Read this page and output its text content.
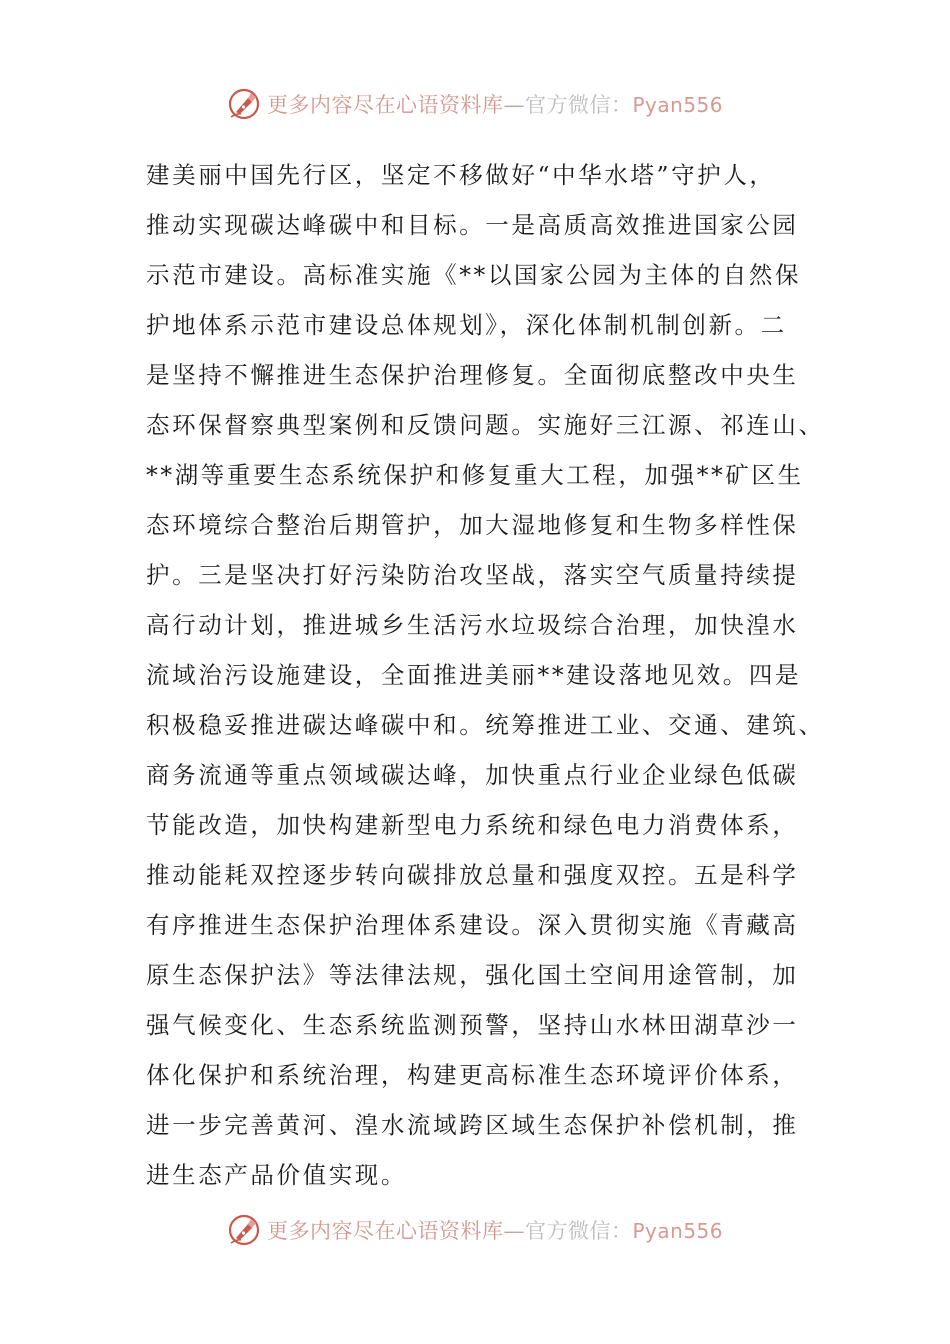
更多内容尽在心语资料库—官方微信：Pyan556
建美丽中国先行区，坚定不移做好“中华水塔”守护人，
推动实现碳达峰碳中和目标。一是高质高效推进国家公园
示范市建设。高标准实施《**以国家公园为主体的自然保
护地体系示范市建设总体规划》，深化体制机制创新。二
是坚持不懈推进生态保护治理修复。全面彻底整改中央生
态环保督察典型案例和反馈问题。实施好三江源、祁连山、
**湖等重要生态系统保护和修复重大工程，加强**矿区生
态环境综合整治后期管护，加大湿地修复和生物多样性保
护。三是坚决打好污染防治攻坚战，落实空气质量持续提
高行动计划，推进城乡生活污水垃圾综合治理，加快湟水
流域治污设施建设，全面推进美丽**建设落地见效。四是
积极稳妥推进碳达峰碳中和。统筹推进工业、交通、建筑、
商务流通等重点领域碳达峰，加快重点行业企业绿色低碳
节能改造，加快构建新型电力系统和绿色电力消费体系，
推动能耗双控逐步转向碳排放总量和强度双控。五是科学
有序推进生态保护治理体系建设。深入贯彻实施《青藏高
原生态保护法》等法律法规，强化国土空间用途管制，加
强气候变化、生态系统监测预警，坚持山水林田湖草沙一
体化保护和系统治理，构建更高标准生态环境评价体系，
进一步完善黄河、湟水流域跨区域生态保护补偿机制，推
进生态产品价值实现。
更多内容尽在心语资料库—官方微信：Pyan556
